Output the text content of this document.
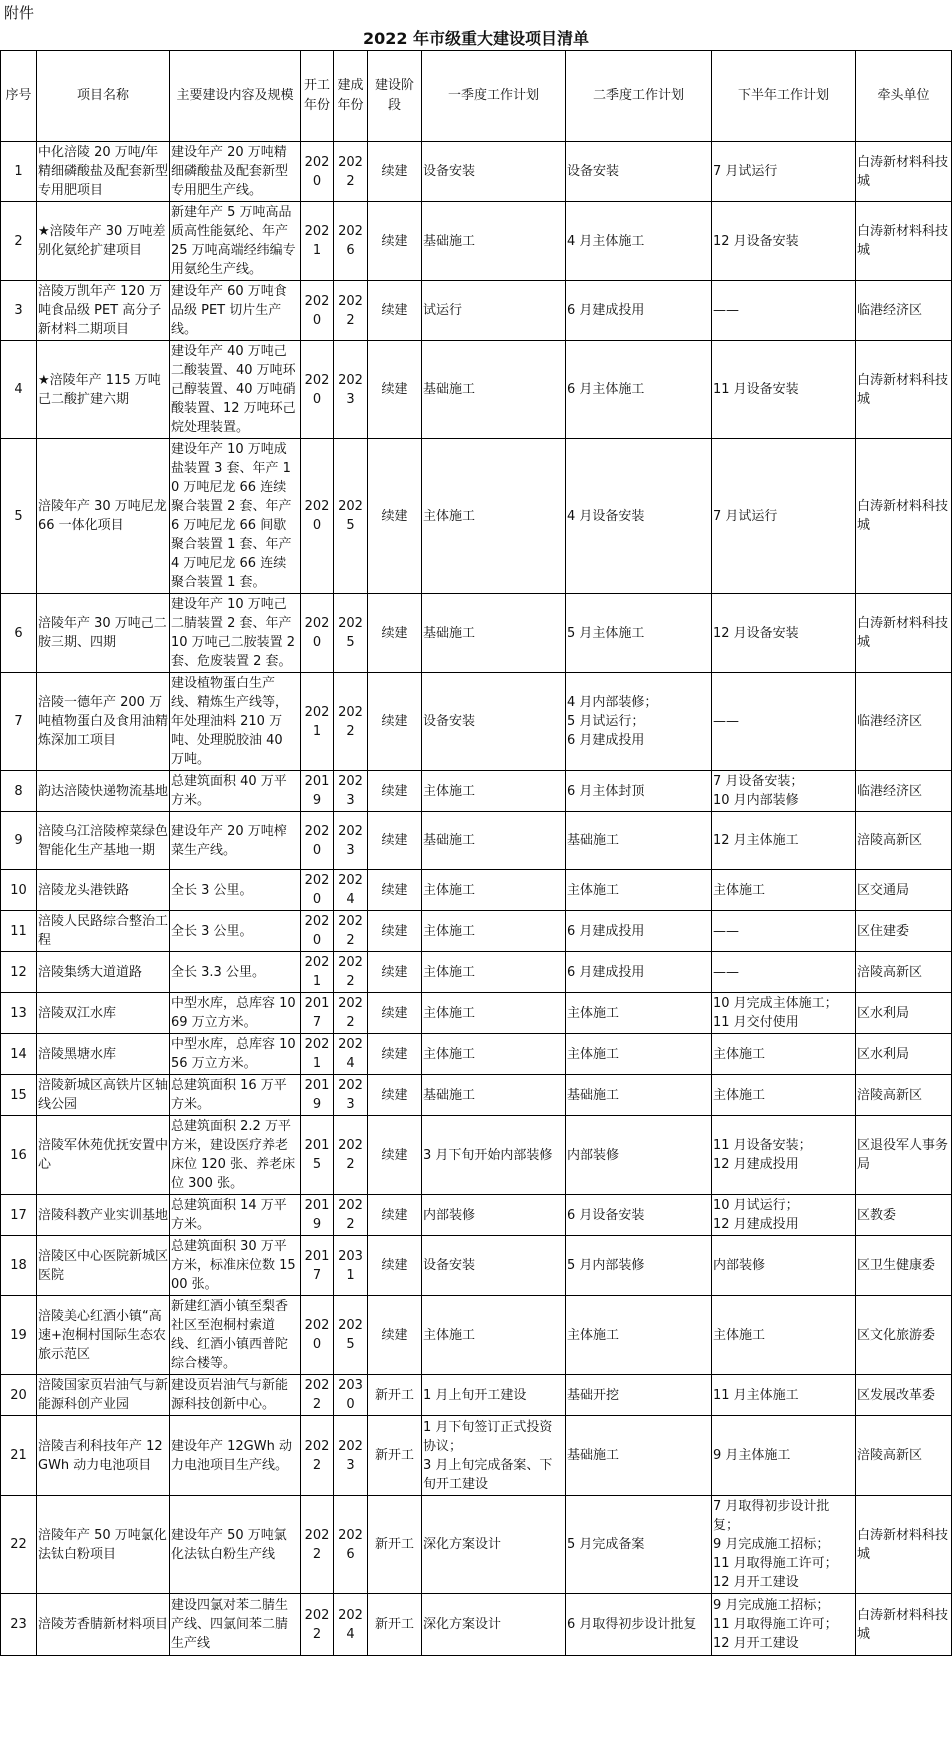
附件
2022 年市级重大建设项目清单
序号	项目名称	主要建设内容及规模	开工年份	建成年份	建设阶段	一季度工作计划	二季度工作计划	下半年工作计划	牵头单位
1	中化涪陵 20 万吨/年精细磷酸盐及配套新型专用肥项目	建设年产 20 万吨精细磷酸盐及配套新型专用肥生产线。	2020	2022	续建	设备安装	设备安装	7 月试运行	白涛新材料科技城
2	★涪陵年产 30 万吨差别化氨纶扩建项目	新建年产 5 万吨高品质高性能氨纶、年产 25 万吨高端经纬编专用氨纶生产线。	2021	2026	续建	基础施工	4 月主体施工	12 月设备安装	白涛新材料科技城
3	涪陵万凯年产 120 万吨食品级 PET 高分子新材料二期项目	建设年产 60 万吨食品级 PET 切片生产线。	2020	2022	续建	试运行	6 月建成投用	——	临港经济区
4	★涪陵年产 115 万吨己二酸扩建六期	建设年产 40 万吨己二酸装置、40 万吨环己醇装置、40 万吨硝酸装置、12 万吨环己烷处理装置。	2020	2023	续建	基础施工	6 月主体施工	11 月设备安装	白涛新材料科技城
5	涪陵年产 30 万吨尼龙 66 一体化项目	建设年产 10 万吨成盐装置 3 套、年产 10 万吨尼龙 66 连续聚合装置 2 套、年产 6 万吨尼龙 66 间歇聚合装置 1 套、年产 4 万吨尼龙 66 连续聚合装置 1 套。	2020	2025	续建	主体施工	4 月设备安装	7 月试运行	白涛新材料科技城
6	涪陵年产 30 万吨己二胺三期、四期	建设年产 10 万吨己二腈装置 2 套、年产 10 万吨己二胺装置 2 套、危废装置 2 套。	2020	2025	续建	基础施工	5 月主体施工	12 月设备安装	白涛新材料科技城
7	涪陵一德年产 200 万吨植物蛋白及食用油精炼深加工项目	建设植物蛋白生产线、精炼生产线等，年处理油料 210 万吨、处理脱胶油 40 万吨。	2021	2022	续建	设备安装	4 月内部装修；
5 月试运行；
6 月建成投用	——	临港经济区
8	韵达涪陵快递物流基地	总建筑面积 40 万平方米。	2019	2023	续建	主体施工	6 月主体封顶	7 月设备安装；
10 月内部装修	临港经济区
9	涪陵乌江涪陵榨菜绿色智能化生产基地一期	建设年产 20 万吨榨菜生产线。	2020	2023	续建	基础施工	基础施工	12 月主体施工	涪陵高新区
10	涪陵龙头港铁路	全长 3 公里。	2020	2024	续建	主体施工	主体施工	主体施工	区交通局
11	涪陵人民路综合整治工程	全长 3 公里。	2020	2022	续建	主体施工	6 月建成投用	——	区住建委
12	涪陵集绣大道道路	全长 3.3 公里。	2021	2022	续建	主体施工	6 月建成投用	——	涪陵高新区
13	涪陵双江水库	中型水库，总库容 1069 万立方米。	2017	2022	续建	主体施工	主体施工	10 月完成主体施工；
11 月交付使用	区水利局
14	涪陵黑塘水库	中型水库，总库容 1056 万立方米。	2021	2024	续建	主体施工	主体施工	主体施工	区水利局
15	涪陵新城区高铁片区轴线公园	总建筑面积 16 万平方米。	2019	2023	续建	基础施工	基础施工	主体施工	涪陵高新区
16	涪陵军休苑优抚安置中心	总建筑面积 2.2 万平方米，建设医疗养老床位 120 张、养老床位 300 张。	2015	2022	续建	3 月下旬开始内部装修	内部装修	11 月设备安装；
12 月建成投用	区退役军人事务局
17	涪陵科教产业实训基地	总建筑面积 14 万平方米。	2019	2022	续建	内部装修	6 月设备安装	10 月试运行；
12 月建成投用	区教委
18	涪陵区中心医院新城区医院	总建筑面积 30 万平方米，标准床位数 1500 张。	2017	2031	续建	设备安装	5 月内部装修	内部装修	区卫生健康委
19	涪陵美心红酒小镇“高速+泡桐村国际生态农旅示范区	新建红酒小镇至梨香社区至泡桐村索道线、红酒小镇西普陀综合楼等。	2020	2025	续建	主体施工	主体施工	主体施工	区文化旅游委
20	涪陵国家页岩油气与新能源科创产业园	建设页岩油气与新能源科技创新中心。	2022	2030	新开工	1 月上旬开工建设	基础开挖	11 月主体施工	区发展改革委
21	涪陵吉利科技年产 12 GWh 动力电池项目	建设年产 12GWh 动力电池项目生产线。	2022	2023	新开工	1 月下旬签订正式投资协议；
3 月上旬完成备案、下旬开工建设	基础施工	9 月主体施工	涪陵高新区
22	涪陵年产 50 万吨氯化法钛白粉项目	建设年产 50 万吨氯化法钛白粉生产线	2022	2026	新开工	深化方案设计	5 月完成备案	7 月取得初步设计批复；
9 月完成施工招标；
11 月取得施工许可；
12 月开工建设	白涛新材料科技城
23	涪陵芳香腈新材料项目	建设四氯对苯二腈生产线、四氯间苯二腈生产线	2022	2024	新开工	深化方案设计	6 月取得初步设计批复	9 月完成施工招标；
11 月取得施工许可；
12 月开工建设	白涛新材料科技城
